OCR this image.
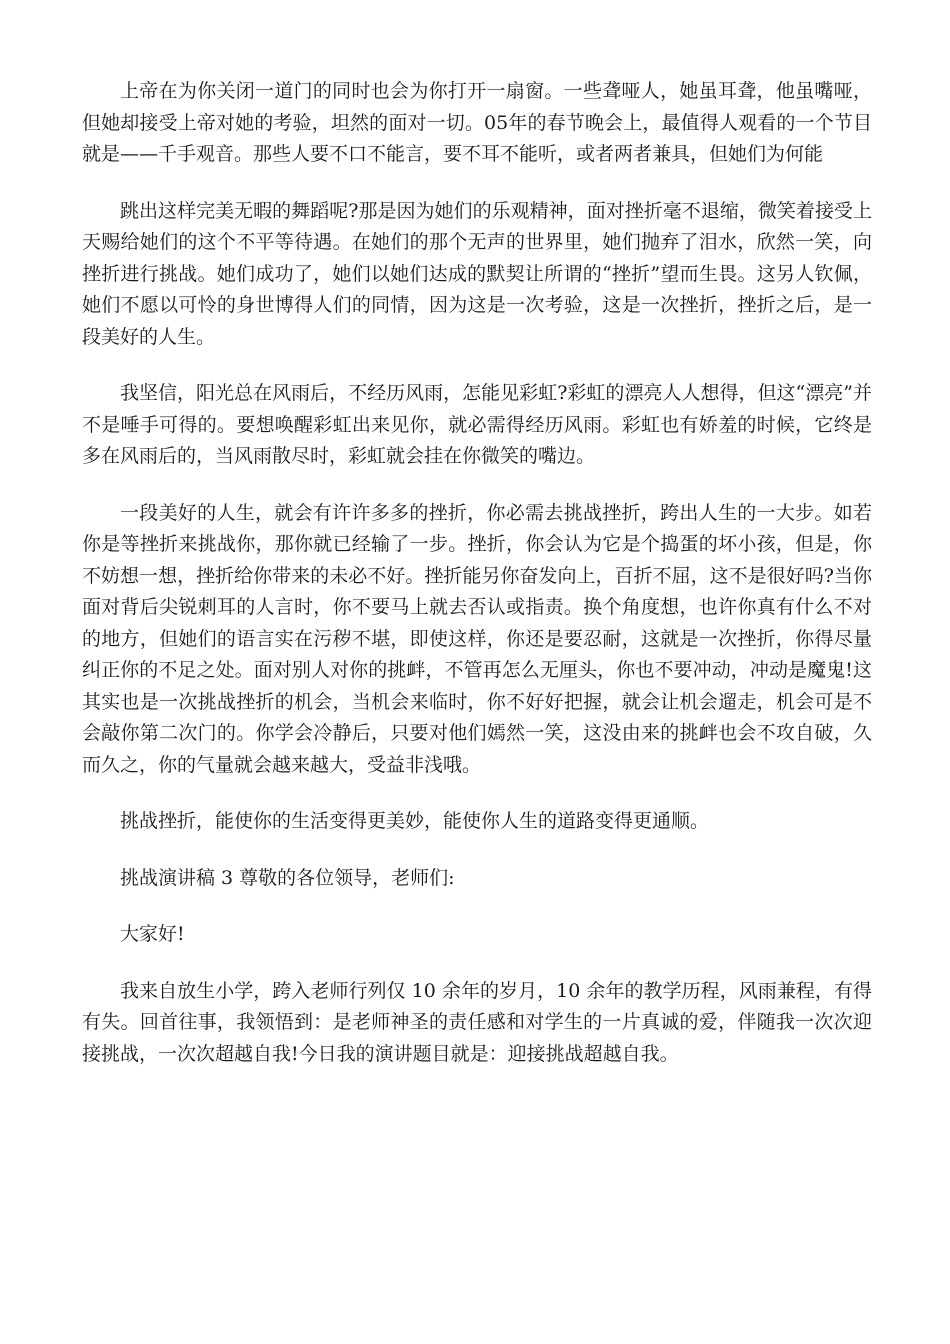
上帝在为你关闭一道门的同时也会为你打开一扇窗。一些聋哑人，她虽耳聋，他虽嘴哑，但她却接受上帝对她的考验，坦然的面对一切。05年的春节晚会上，最值得人观看的一个节目就是——千手观音。那些人要不口不能言，要不耳不能听，或者两者兼具，但她们为何能

跳出这样完美无暇的舞蹈呢?那是因为她们的乐观精神，面对挫折毫不退缩，微笑着接受上天赐给她们的这个不平等待遇。在她们的那个无声的世界里，她们抛弃了泪水，欣然一笑，向挫折进行挑战。她们成功了，她们以她们达成的默契让所谓的“挫折”望而生畏。这另人钦佩，她们不愿以可怜的身世博得人们的同情，因为这是一次考验，这是一次挫折，挫折之后，是一段美好的人生。

我坚信，阳光总在风雨后，不经历风雨，怎能见彩虹?彩虹的漂亮人人想得，但这“漂亮”并不是唾手可得的。要想唤醒彩虹出来见你，就必需得经历风雨。彩虹也有娇羞的时候，它终是多在风雨后的，当风雨散尽时，彩虹就会挂在你微笑的嘴边。

一段美好的人生，就会有许许多多的挫折，你必需去挑战挫折，跨出人生的一大步。如若你是等挫折来挑战你，那你就已经输了一步。挫折，你会认为它是个捣蛋的坏小孩，但是，你不妨想一想，挫折给你带来的未必不好。挫折能另你奋发向上，百折不屈，这不是很好吗?当你面对背后尖锐刺耳的人言时，你不要马上就去否认或指责。换个角度想，也许你真有什么不对的地方，但她们的语言实在污秽不堪，即使这样，你还是要忍耐，这就是一次挫折，你得尽量纠正你的不足之处。面对别人对你的挑衅，不管再怎么无厘头，你也不要冲动，冲动是魔鬼!这其实也是一次挑战挫折的机会，当机会来临时，你不好好把握，就会让机会遛走，机会可是不会敲你第二次门的。你学会冷静后，只要对他们嫣然一笑，这没由来的挑衅也会不攻自破，久而久之，你的气量就会越来越大，受益非浅哦。

挑战挫折，能使你的生活变得更美妙，能使你人生的道路变得更通顺。

挑战演讲稿 3 尊敬的各位领导，老师们:

大家好!

我来自放生小学，跨入老师行列仅 10 余年的岁月，10 余年的教学历程，风雨兼程，有得有失。回首往事，我领悟到：是老师神圣的责任感和对学生的一片真诚的爱，伴随我一次次迎接挑战，一次次超越自我!今日我的演讲题目就是：迎接挑战超越自我。
